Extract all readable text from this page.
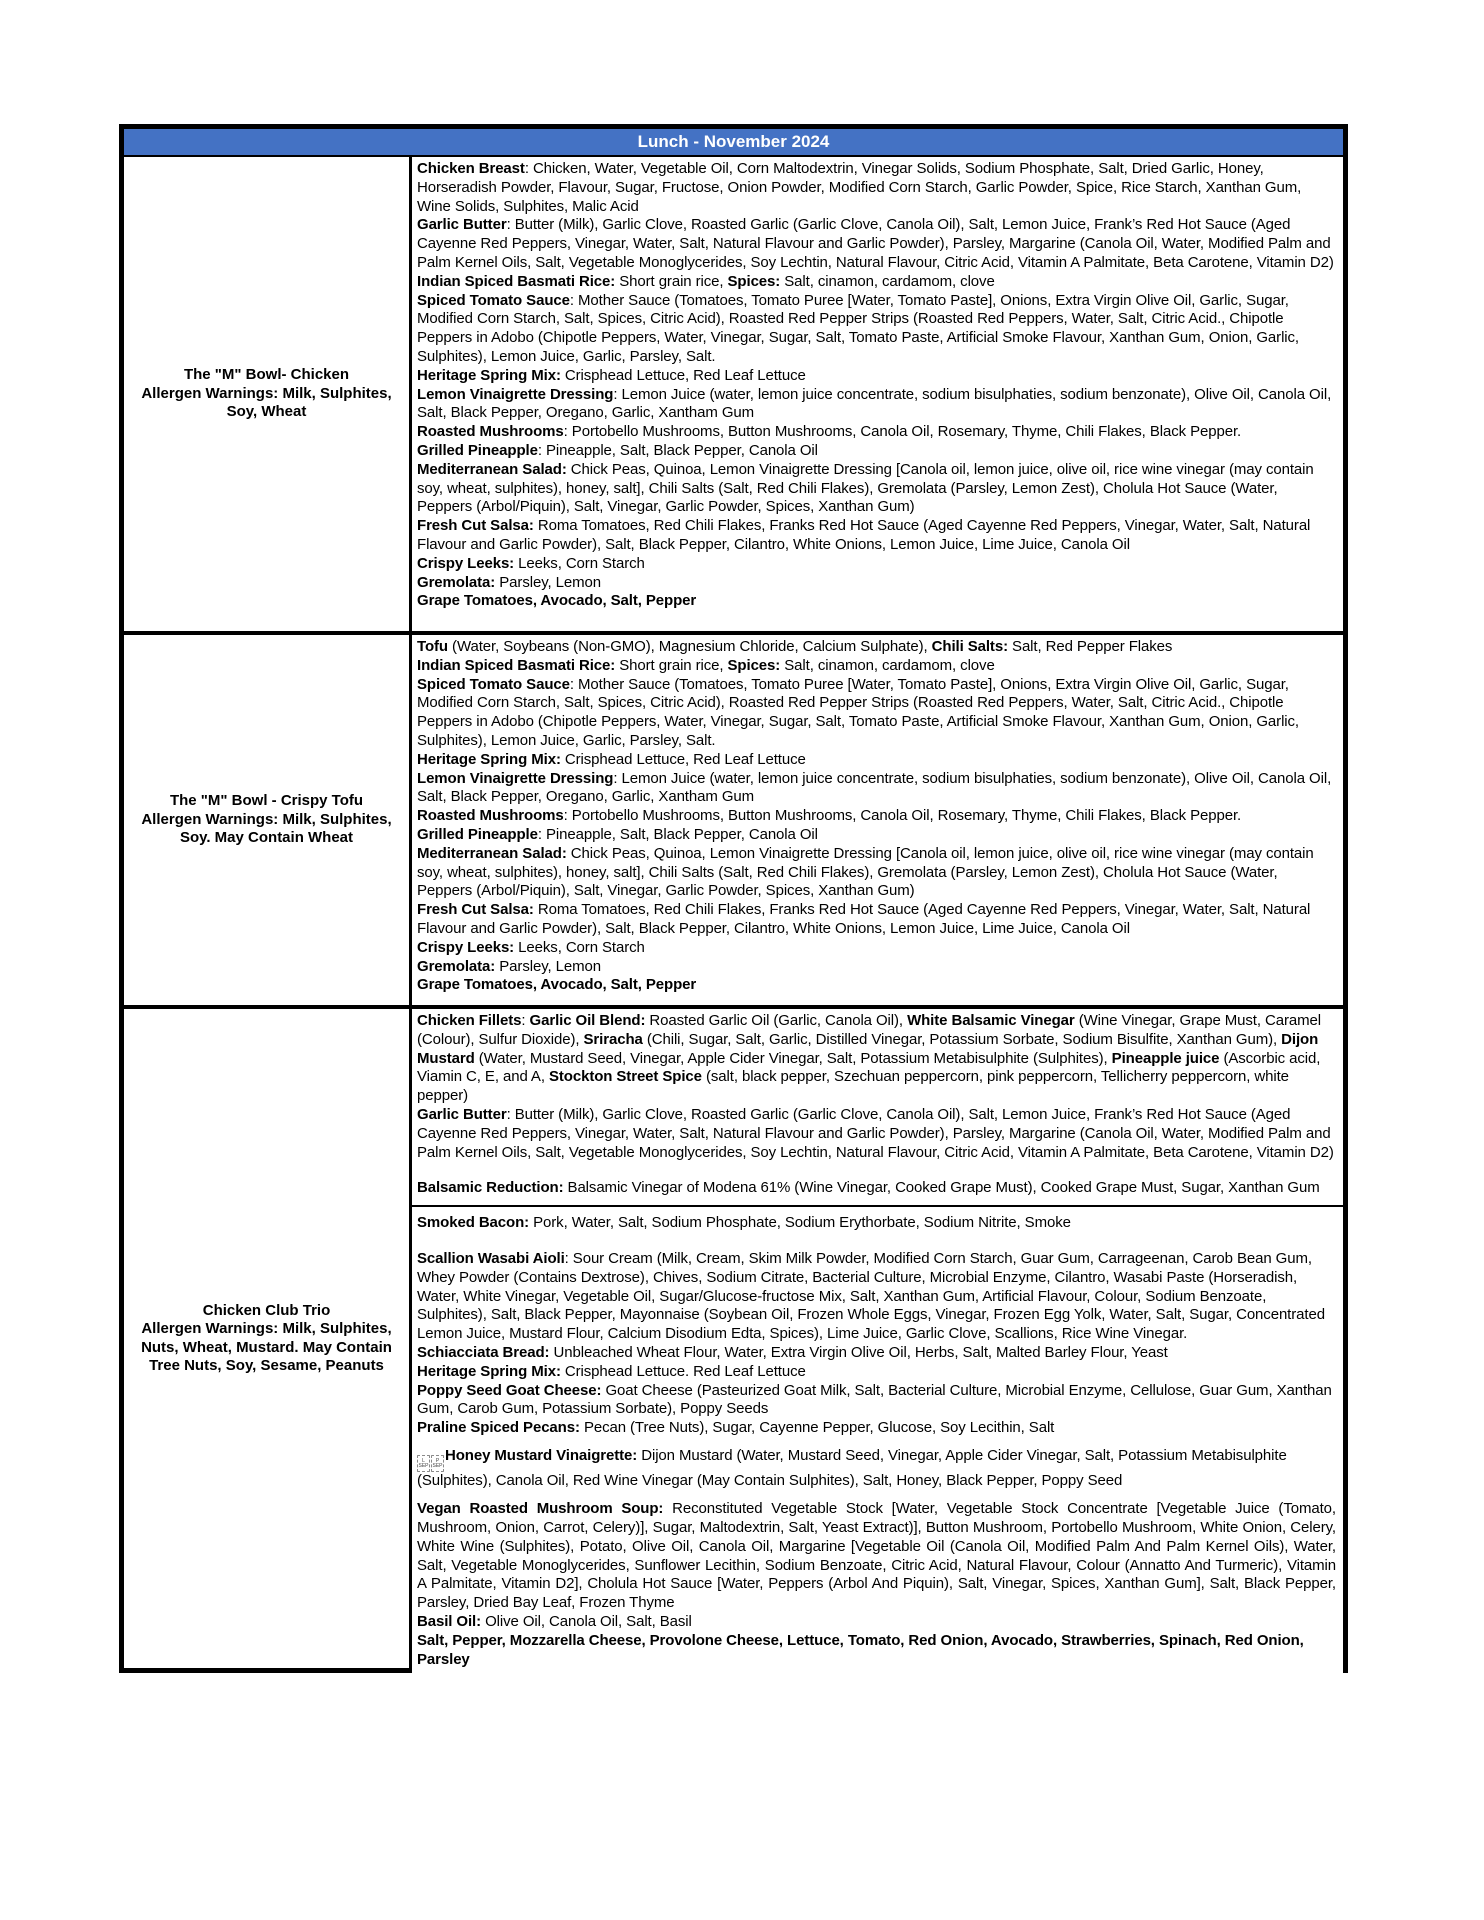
Lunch - November 2024
The "M" Bowl- Chicken
Allergen Warnings: Milk, Sulphites, Soy, Wheat
Chicken Breast: Chicken, Water, Vegetable Oil, Corn Maltodextrin, Vinegar Solids, Sodium Phosphate, Salt, Dried Garlic, Honey, Horseradish Powder, Flavour, Sugar, Fructose, Onion Powder, Modified Corn Starch, Garlic Powder, Spice, Rice Starch, Xanthan Gum, Wine Solids, Sulphites, Malic Acid
Garlic Butter: Butter (Milk), Garlic Clove, Roasted Garlic (Garlic Clove, Canola Oil), Salt, Lemon Juice, Frank’s Red Hot Sauce (Aged Cayenne Red Peppers, Vinegar, Water, Salt, Natural Flavour and Garlic Powder), Parsley, Margarine (Canola Oil, Water, Modified Palm and Palm Kernel Oils, Salt, Vegetable Monoglycerides, Soy Lechtin, Natural Flavour, Citric Acid, Vitamin A Palmitate, Beta Carotene, Vitamin D2)
Indian Spiced Basmati Rice: Short grain rice, Spices: Salt, cinamon, cardamom, clove
Spiced Tomato Sauce: Mother Sauce (Tomatoes, Tomato Puree [Water, Tomato Paste], Onions, Extra Virgin Olive Oil, Garlic, Sugar, Modified Corn Starch, Salt, Spices, Citric Acid), Roasted Red Pepper Strips (Roasted Red Peppers, Water, Salt, Citric Acid., Chipotle Peppers in Adobo (Chipotle Peppers, Water, Vinegar, Sugar, Salt, Tomato Paste, Artificial Smoke Flavour, Xanthan Gum, Onion, Garlic, Sulphites), Lemon Juice, Garlic, Parsley, Salt.
Heritage Spring Mix: Crisphead Lettuce, Red Leaf Lettuce
Lemon Vinaigrette Dressing: Lemon Juice (water, lemon juice concentrate, sodium bisulphaties, sodium benzonate), Olive Oil, Canola Oil, Salt, Black Pepper, Oregano, Garlic, Xantham Gum
Roasted Mushrooms: Portobello Mushrooms, Button Mushrooms, Canola Oil, Rosemary, Thyme, Chili Flakes, Black Pepper.
Grilled Pineapple: Pineapple, Salt, Black Pepper, Canola Oil
Mediterranean Salad: Chick Peas, Quinoa, Lemon Vinaigrette Dressing [Canola oil, lemon juice, olive oil, rice wine vinegar (may contain soy, wheat, sulphites), honey, salt], Chili Salts (Salt, Red Chili Flakes), Gremolata (Parsley, Lemon Zest), Cholula Hot Sauce (Water, Peppers (Arbol/Piquin), Salt, Vinegar, Garlic Powder, Spices, Xanthan Gum)
Fresh Cut Salsa: Roma Tomatoes, Red Chili Flakes, Franks Red Hot Sauce (Aged Cayenne Red Peppers, Vinegar, Water, Salt, Natural Flavour and Garlic Powder), Salt, Black Pepper, Cilantro, White Onions, Lemon Juice, Lime Juice, Canola Oil
Crispy Leeks: Leeks, Corn Starch
Gremolata: Parsley, Lemon
Grape Tomatoes, Avocado, Salt, Pepper
The "M" Bowl - Crispy Tofu
Allergen Warnings: Milk, Sulphites, Soy. May Contain Wheat
Tofu (Water, Soybeans (Non-GMO), Magnesium Chloride, Calcium Sulphate), Chili Salts: Salt, Red Pepper Flakes
Indian Spiced Basmati Rice: Short grain rice, Spices: Salt, cinamon, cardamom, clove
Spiced Tomato Sauce: Mother Sauce (Tomatoes, Tomato Puree [Water, Tomato Paste], Onions, Extra Virgin Olive Oil, Garlic, Sugar, Modified Corn Starch, Salt, Spices, Citric Acid), Roasted Red Pepper Strips (Roasted Red Peppers, Water, Salt, Citric Acid., Chipotle Peppers in Adobo (Chipotle Peppers, Water, Vinegar, Sugar, Salt, Tomato Paste, Artificial Smoke Flavour, Xanthan Gum, Onion, Garlic, Sulphites), Lemon Juice, Garlic, Parsley, Salt.
Heritage Spring Mix: Crisphead Lettuce, Red Leaf Lettuce
Lemon Vinaigrette Dressing: Lemon Juice (water, lemon juice concentrate, sodium bisulphaties, sodium benzonate), Olive Oil, Canola Oil, Salt, Black Pepper, Oregano, Garlic, Xantham Gum
Roasted Mushrooms: Portobello Mushrooms, Button Mushrooms, Canola Oil, Rosemary, Thyme, Chili Flakes, Black Pepper.
Grilled Pineapple: Pineapple, Salt, Black Pepper, Canola Oil
Mediterranean Salad: Chick Peas, Quinoa, Lemon Vinaigrette Dressing [Canola oil, lemon juice, olive oil, rice wine vinegar (may contain soy, wheat, sulphites), honey, salt], Chili Salts (Salt, Red Chili Flakes), Gremolata (Parsley, Lemon Zest), Cholula Hot Sauce (Water, Peppers (Arbol/Piquin), Salt, Vinegar, Garlic Powder, Spices, Xanthan Gum)
Fresh Cut Salsa: Roma Tomatoes, Red Chili Flakes, Franks Red Hot Sauce (Aged Cayenne Red Peppers, Vinegar, Water, Salt, Natural Flavour and Garlic Powder), Salt, Black Pepper, Cilantro, White Onions, Lemon Juice, Lime Juice, Canola Oil
Crispy Leeks: Leeks, Corn Starch
Gremolata: Parsley, Lemon
Grape Tomatoes, Avocado, Salt, Pepper
Chicken Club Trio
Allergen Warnings: Milk, Sulphites, Nuts, Wheat, Mustard. May Contain Tree Nuts, Soy, Sesame, Peanuts
Chicken Fillets: Garlic Oil Blend: Roasted Garlic Oil (Garlic, Canola Oil), White Balsamic Vinegar (Wine Vinegar, Grape Must, Caramel (Colour), Sulfur Dioxide), Sriracha (Chili, Sugar, Salt, Garlic, Distilled Vinegar, Potassium Sorbate, Sodium Bisulfite, Xanthan Gum), Dijon Mustard (Water, Mustard Seed, Vinegar, Apple Cider Vinegar, Salt, Potassium Metabisulphite (Sulphites), Pineapple juice (Ascorbic acid, Viamin C, E, and A, Stockton Street Spice (salt, black pepper, Szechuan peppercorn, pink peppercorn, Tellicherry peppercorn, white pepper)
Garlic Butter: Butter (Milk), Garlic Clove, Roasted Garlic (Garlic Clove, Canola Oil), Salt, Lemon Juice, Frank’s Red Hot Sauce (Aged Cayenne Red Peppers, Vinegar, Water, Salt, Natural Flavour and Garlic Powder), Parsley, Margarine (Canola Oil, Water, Modified Palm and Palm Kernel Oils, Salt, Vegetable Monoglycerides, Soy Lechtin, Natural Flavour, Citric Acid, Vitamin A Palmitate, Beta Carotene, Vitamin D2)
Balsamic Reduction: Balsamic Vinegar of Modena 61% (Wine Vinegar, Cooked Grape Must), Cooked Grape Must, Sugar, Xanthan Gum
Smoked Bacon: Pork, Water, Salt, Sodium Phosphate, Sodium Erythorbate, Sodium Nitrite, Smoke
Scallion Wasabi Aioli: Sour Cream (Milk, Cream, Skim Milk Powder, Modified Corn Starch, Guar Gum, Carrageenan, Carob Bean Gum, Whey Powder (Contains Dextrose), Chives, Sodium Citrate, Bacterial Culture, Microbial Enzyme, Cilantro, Wasabi Paste (Horseradish, Water, White Vinegar, Vegetable Oil, Sugar/Glucose-fructose Mix, Salt, Xanthan Gum, Artificial Flavour, Colour, Sodium Benzoate, Sulphites), Salt, Black Pepper, Mayonnaise (Soybean Oil, Frozen Whole Eggs, Vinegar, Frozen Egg Yolk, Water, Salt, Sugar, Concentrated Lemon Juice, Mustard Flour, Calcium Disodium Edta, Spices), Lime Juice, Garlic Clove, Scallions, Rice Wine Vinegar.
Schiacciata Bread: Unbleached Wheat Flour, Water, Extra Virgin Olive Oil, Herbs, Salt, Malted Barley Flour, Yeast
Heritage Spring Mix: Crisphead Lettuce. Red Leaf Lettuce
Poppy Seed Goat Cheese: Goat Cheese (Pasteurized Goat Milk, Salt, Bacterial Culture, Microbial Enzyme, Cellulose, Guar Gum, Xanthan Gum, Carob Gum, Potassium Sorbate), Poppy Seeds
Praline Spiced Pecans: Pecan (Tree Nuts), Sugar, Cayenne Pepper, Glucose, Soy Lecithin, Salt
L
SEP
P
SEP
Honey Mustard Vinaigrette: Dijon Mustard (Water, Mustard Seed, Vinegar, Apple Cider Vinegar, Salt, Potassium Metabisulphite (Sulphites), Canola Oil, Red Wine Vinegar (May Contain Sulphites), Salt, Honey, Black Pepper, Poppy Seed
Vegan Roasted Mushroom Soup: Reconstituted Vegetable Stock [Water, Vegetable Stock Concentrate [Vegetable Juice (Tomato, Mushroom, Onion, Carrot, Celery)], Sugar, Maltodextrin, Salt, Yeast Extract)], Button Mushroom, Portobello Mushroom, White Onion, Celery, White Wine (Sulphites), Potato, Olive Oil, Canola Oil, Margarine [Vegetable Oil (Canola Oil, Modified Palm And Palm Kernel Oils), Water, Salt, Vegetable Monoglycerides, Sunflower Lecithin, Sodium Benzoate, Citric Acid, Natural Flavour, Colour (Annatto And Turmeric), Vitamin A Palmitate, Vitamin D2], Cholula Hot Sauce [Water, Peppers (Arbol And Piquin), Salt, Vinegar, Spices, Xanthan Gum], Salt, Black Pepper, Parsley, Dried Bay Leaf, Frozen Thyme
Basil Oil: Olive Oil, Canola Oil, Salt, Basil
Salt, Pepper, Mozzarella Cheese, Provolone Cheese, Lettuce, Tomato, Red Onion, Avocado, Strawberries, Spinach, Red Onion, Parsley
